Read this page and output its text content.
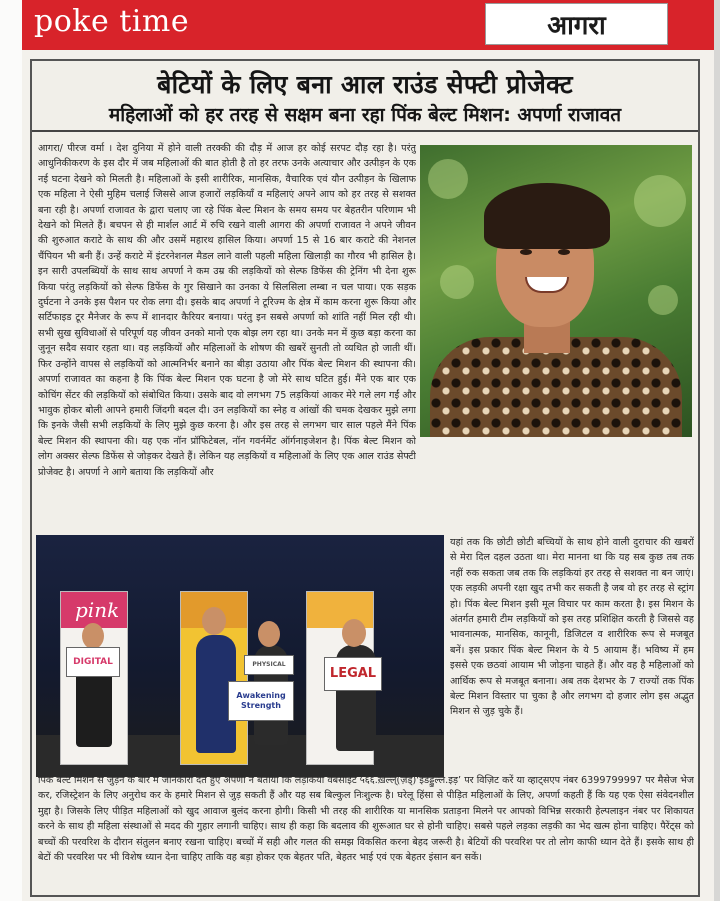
poke time	आगरा
बेटियों के लिए बना आल राउंड सेफ्टी प्रोजेक्ट
महिलाओं को हर तरह से सक्षम बना रहा पिंक बेल्ट मिशन: अपर्णा राजावत
आगरा/ पीरज वर्मा । देश दुनिया में होने वाली तरक्की की दौड़ में आज हर कोई सरपट दौड़ रहा है। परंतु आधुनिकीकरण के इस दौर में जब महिलाओं की बात होती है तो हर तरफ उनके अत्याचार और उत्पीड़न के एक नई घटना देखने को मिलती है। महिलाओं के इसी शारीरिक, मानसिक, वैचारिक एवं यौन उत्पीड़न के खिलाफ एक महिला ने ऐसी मुहिम चलाई जिससे आज हजारों लड़कियाँ व महिलाएं अपने आप को हर तरह से सशक्त बना रही है। अपर्णा राजावत के द्वारा चलाए जा रहे पिंक बेल्ट मिशन के समय समय पर बेहतरीन परिणाम भी देखने को मिलते हैं। बचपन से ही मार्शल आर्ट में रुचि रखने वाली आगरा की अपर्णा राजावत ने अपने जीवन की शुरुआत कराटे के साथ की और उसमें महारथ हासिल किया। अपर्णा 15 से 16 बार कराटे की नेशनल चैंपियन भी बनी हैं। उन्हें कराटे में इंटरनेशनल मैडल लाने वाली पहली महिला खिलाड़ी का गौरव भी हासिल है। इन सारी उपलब्धियों के साथ साथ अपर्णा ने कम उम्र की लड़कियों को सेल्फ डिफेंस की ट्रेनिंग भी देना शुरू किया परंतु लड़कियों को सेल्फ डिफेंस के गुर सिखाने का उनका ये सिलसिला लम्बा न चल पाया। एक सड़क दुर्घटना ने उनके इस पैशन पर रोक लगा दी। इसके बाद अपर्णा ने टूरिज्म के क्षेत्र में काम करना शुरू किया और सर्टिफाइड टूर मैनेजर के रूप में शानदार कैरियर बनाया। परंतु इन सबसे अपर्णा को शांति नहीं मिल रही थी। सभी सुख सुविधाओं से परिपूर्ण यह जीवन उनको मानो एक बोझ लग रहा था। उनके मन में कुछ बड़ा करना का जुनून सदैव सवार रहता था। वह लड़कियों और महिलाओं के शोषण की खबरें सुनती तो व्यथित हो जाती थीं। फिर उन्होंने वापस से लड़कियों को आत्मनिर्भर बनाने का बीड़ा उठाया और पिंक बेल्ट मिशन की स्थापना की। अपर्णा राजावत का कहना है कि पिंक बेल्ट मिशन एक घटना है जो मेरे साथ घटित हुई। मैंने एक बार एक कोचिंग सेंटर की लड़कियों को संबोधित किया। उसके बाद वो लगभग 75 लड़कियां आकर मेरे गले लग गईं और भावुक होकर बोली आपने हमारी जिंदगी बदल दी। उन लड़कियों का स्नेह व आंखों की चमक देखकर मुझे लगा कि इनके जैसी सभी लड़कियों के लिए मुझे कुछ करना है। और इस तरह से लगभग चार साल पहले मैंने पिंक बेल्ट मिशन की स्थापना की। यह एक नॉन प्रॉफिटेबल, नॉन गवर्नमेंट ऑर्गनाइजेशन है। पिंक बेल्ट मिशन को लोग अक्सर सेल्फ डिफेंस से जोड़कर देखते हैं। लेकिन यह लड़कियों व महिलाओं के लिए एक आल राउंड सेफ्टी प्रोजेक्ट है। अपर्णा ने आगे बताया कि लड़कियों और
pink
DIGITAL	PHYSICAL
Awakening Strength
LEGAL
यहां तक कि छोटी छोटी बच्चियों के साथ होने वाली दुराचार की खबरों से मेरा दिल दहल उठता था। मेरा मानना था कि यह सब कुछ तब तक नहीं रुक सकता जब तक कि लड़कियां हर तरह से सशक्त ना बन जाएं। एक लड़की अपनी रक्षा खुद तभी कर सकती है जब वो हर तरह से स्ट्रांग हो। पिंक बेल्ट मिशन इसी मूल विचार पर काम करता है। इस मिशन के अंतर्गत हमारी टीम लड़कियों को इस तरह प्रशिक्षित करती है जिससे वह भावनात्मक, मानसिक, कानूनी, डिजिटल व शारीरिक रूप से मजबूत बनें। इस प्रकार पिंक बेल्ट मिशन के ये 5 आयाम हैं। भविष्य में हम इससे एक छठवां आयाम भी जोड़ना चाहते हैं। और वह है महिलाओं को आर्थिक रूप से मजबूत बनाना। अब तक देशभर के 7 राज्यों तक पिंक बेल्ट मिशन विस्तार पा चुका है और लगभग दो हजार लोग इस अद्भुत मिशन से जुड़ चुके हैं।
पिंक बेल्ट मिशन से जुड़ने के बारे में जानकारी देते हुए अपर्णा ने बताया कि लड़कियाँ वेबसाइट ५६६.ख़ल्ल्(ज़ैड्)‘इंडड्डुल्ल.इड़’ पर विज़िट करें या व्हाट्सएप नंबर 6399799997 पर मैसेज भेज कर, रजिस्ट्रेशन के लिए अनुरोध कर के हमारे मिशन से जुड़ सकती हैं और यह सब बिल्कुल निःशुल्क है। घरेलू हिंसा से पीड़ित महिलाओं के लिए, अपर्णा कहती हैं कि यह एक ऐसा संवेदनशील मुद्दा है। जिसके लिए पीड़ित महिलाओं को खुद आवाज बुलंद करना होगी। किसी भी तरह की शारीरिक या मानसिक प्रताड़ना मिलने पर आपको विभिन्न सरकारी हेल्पलाइन नंबर पर शिकायत करने के साथ ही महिला संस्थाओं से मदद की गुहार लगानी चाहिए। साथ ही कहा कि बदलाव की शुरूआत घर से होनी चाहिए। सबसे पहले लड़का लड़की का भेद खत्म होना चाहिए। पैरेंट्स को बच्चों की परवरिश के दौरान संतुलन बनाए रखना चाहिए। बच्चों में सही और गलत की समझ विकसित करना बेहद जरूरी है। बेटियों की परवरिश पर तो लोग काफी ध्यान देते हैं। इसके साथ ही बेटों की परवरिश पर भी विशेष ध्यान देना चाहिए ताकि वह बड़ा होकर एक बेहतर पति, बेहतर भाई एवं एक बेहतर इंसान बन सकें।
